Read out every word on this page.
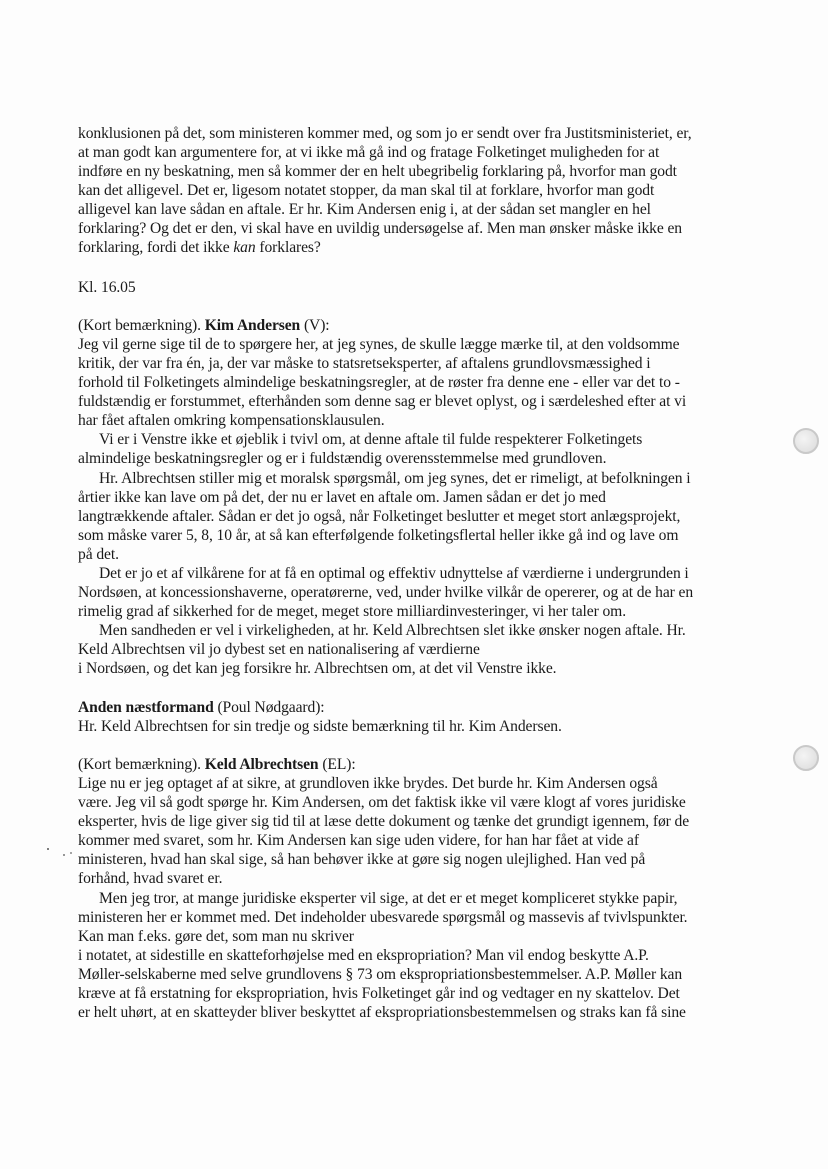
konklusionen på det, som ministeren kommer med, og som jo er sendt over fra Justitsministeriet, er,
at man godt kan argumentere for, at vi ikke må gå ind og fratage Folketinget muligheden for at
indføre en ny beskatning, men så kommer der en helt ubegribelig forklaring på, hvorfor man godt
kan det alligevel. Det er, ligesom notatet stopper, da man skal til at forklare, hvorfor man godt
alligevel kan lave sådan en aftale. Er hr. Kim Andersen enig i, at der sådan set mangler en hel
forklaring? Og det er den, vi skal have en uvildig undersøgelse af. Men man ønsker måske ikke en
forklaring, fordi det ikke kan forklares?
Kl. 16.05
(Kort bemærkning). Kim Andersen (V):
Jeg vil gerne sige til de to spørgere her, at jeg synes, de skulle lægge mærke til, at den voldsomme
kritik, der var fra én, ja, der var måske to statsretseksperter, af aftalens grundlovsmæssighed i
forhold til Folketingets almindelige beskatningsregler, at de røster fra denne ene - eller var det to -
fuldstændig er forstummet, efterhånden som denne sag er blevet oplyst, og i særdeleshed efter at vi
har fået aftalen omkring kompensationsklausulen.
Vi er i Venstre ikke et øjeblik i tvivl om, at denne aftale til fulde respekterer Folketingets
almindelige beskatningsregler og er i fuldstændig overensstemmelse med grundloven.
Hr. Albrechtsen stiller mig et moralsk spørgsmål, om jeg synes, det er rimeligt, at befolkningen i
årtier ikke kan lave om på det, der nu er lavet en aftale om. Jamen sådan er det jo med
langtrækkende aftaler. Sådan er det jo også, når Folketinget beslutter et meget stort anlægsprojekt,
som måske varer 5, 8, 10 år, at så kan efterfølgende folketingsflertal heller ikke gå ind og lave om
på det.
Det er jo et af vilkårene for at få en optimal og effektiv udnyttelse af værdierne i undergrunden i
Nordsøen, at koncessionshaverne, operatørerne, ved, under hvilke vilkår de opererer, og at de har en
rimelig grad af sikkerhed for de meget, meget store milliardinvesteringer, vi her taler om.
Men sandheden er vel i virkeligheden, at hr. Keld Albrechtsen slet ikke ønsker nogen aftale. Hr.
Keld Albrechtsen vil jo dybest set en nationalisering af værdierne
i Nordsøen, og det kan jeg forsikre hr. Albrechtsen om, at det vil Venstre ikke.
Anden næstformand (Poul Nødgaard):
Hr. Keld Albrechtsen for sin tredje og sidste bemærkning til hr. Kim Andersen.
(Kort bemærkning). Keld Albrechtsen (EL):
Lige nu er jeg optaget af at sikre, at grundloven ikke brydes. Det burde hr. Kim Andersen også
være. Jeg vil så godt spørge hr. Kim Andersen, om det faktisk ikke vil være klogt af vores juridiske
eksperter, hvis de lige giver sig tid til at læse dette dokument og tænke det grundigt igennem, før de
kommer med svaret, som hr. Kim Andersen kan sige uden videre, for han har fået at vide af
ministeren, hvad han skal sige, så han behøver ikke at gøre sig nogen ulejlighed. Han ved på
forhånd, hvad svaret er.
Men jeg tror, at mange juridiske eksperter vil sige, at det er et meget kompliceret stykke papir,
ministeren her er kommet med. Det indeholder ubesvarede spørgsmål og massevis af tvivlspunkter.
Kan man f.eks. gøre det, som man nu skriver
i notatet, at sidestille en skatteforhøjelse med en ekspropriation? Man vil endog beskytte A.P.
Møller-selskaberne med selve grundlovens § 73 om ekspropriationsbestemmelser. A.P. Møller kan
kræve at få erstatning for ekspropriation, hvis Folketinget går ind og vedtager en ny skattelov. Det
er helt uhørt, at en skatteyder bliver beskyttet af ekspropriationsbestemmelsen og straks kan få sine
